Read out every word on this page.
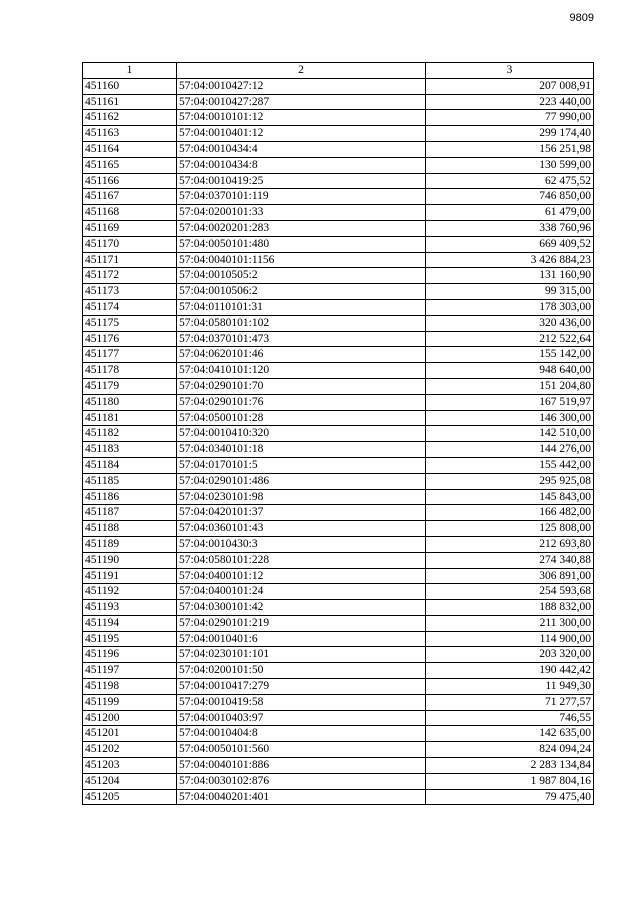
9809
1	2	3
451160	57:04:0010427:12	207 008,91
451161	57:04:0010427:287	223 440,00
451162	57:04:0010101:12	77 990,00
451163	57:04:0010401:12	299 174,40
451164	57:04:0010434:4	156 251,98
451165	57:04:0010434:8	130 599,00
451166	57:04:0010419:25	62 475,52
451167	57:04:0370101:119	746 850,00
451168	57:04:0200101:33	61 479,00
451169	57:04:0020201:283	338 760,96
451170	57:04:0050101:480	669 409,52
451171	57:04:0040101:1156	3 426 884,23
451172	57:04:0010505:2	131 160,90
451173	57:04:0010506:2	99 315,00
451174	57:04:0110101:31	178 303,00
451175	57:04:0580101:102	320 436,00
451176	57:04:0370101:473	212 522,64
451177	57:04:0620101:46	155 142,00
451178	57:04:0410101:120	948 640,00
451179	57:04:0290101:70	151 204,80
451180	57:04:0290101:76	167 519,97
451181	57:04:0500101:28	146 300,00
451182	57:04:0010410:320	142 510,00
451183	57:04:0340101:18	144 276,00
451184	57:04:0170101:5	155 442,00
451185	57:04:0290101:486	295 925,08
451186	57:04:0230101:98	145 843,00
451187	57:04:0420101:37	166 482,00
451188	57:04:0360101:43	125 808,00
451189	57:04:0010430:3	212 693,80
451190	57:04:0580101:228	274 340,88
451191	57:04:0400101:12	306 891,00
451192	57:04:0400101:24	254 593,68
451193	57:04:0300101:42	188 832,00
451194	57:04:0290101:219	211 300,00
451195	57:04:0010401:6	114 900,00
451196	57:04:0230101:101	203 320,00
451197	57:04:0200101:50	190 442,42
451198	57:04:0010417:279	11 949,30
451199	57:04:0010419:58	71 277,57
451200	57:04:0010403:97	746,55
451201	57:04:0010404:8	142 635,00
451202	57:04:0050101:560	824 094,24
451203	57:04:0040101:886	2 283 134,84
451204	57:04:0030102:876	1 987 804,16
451205	57:04:0040201:401	79 475,40
